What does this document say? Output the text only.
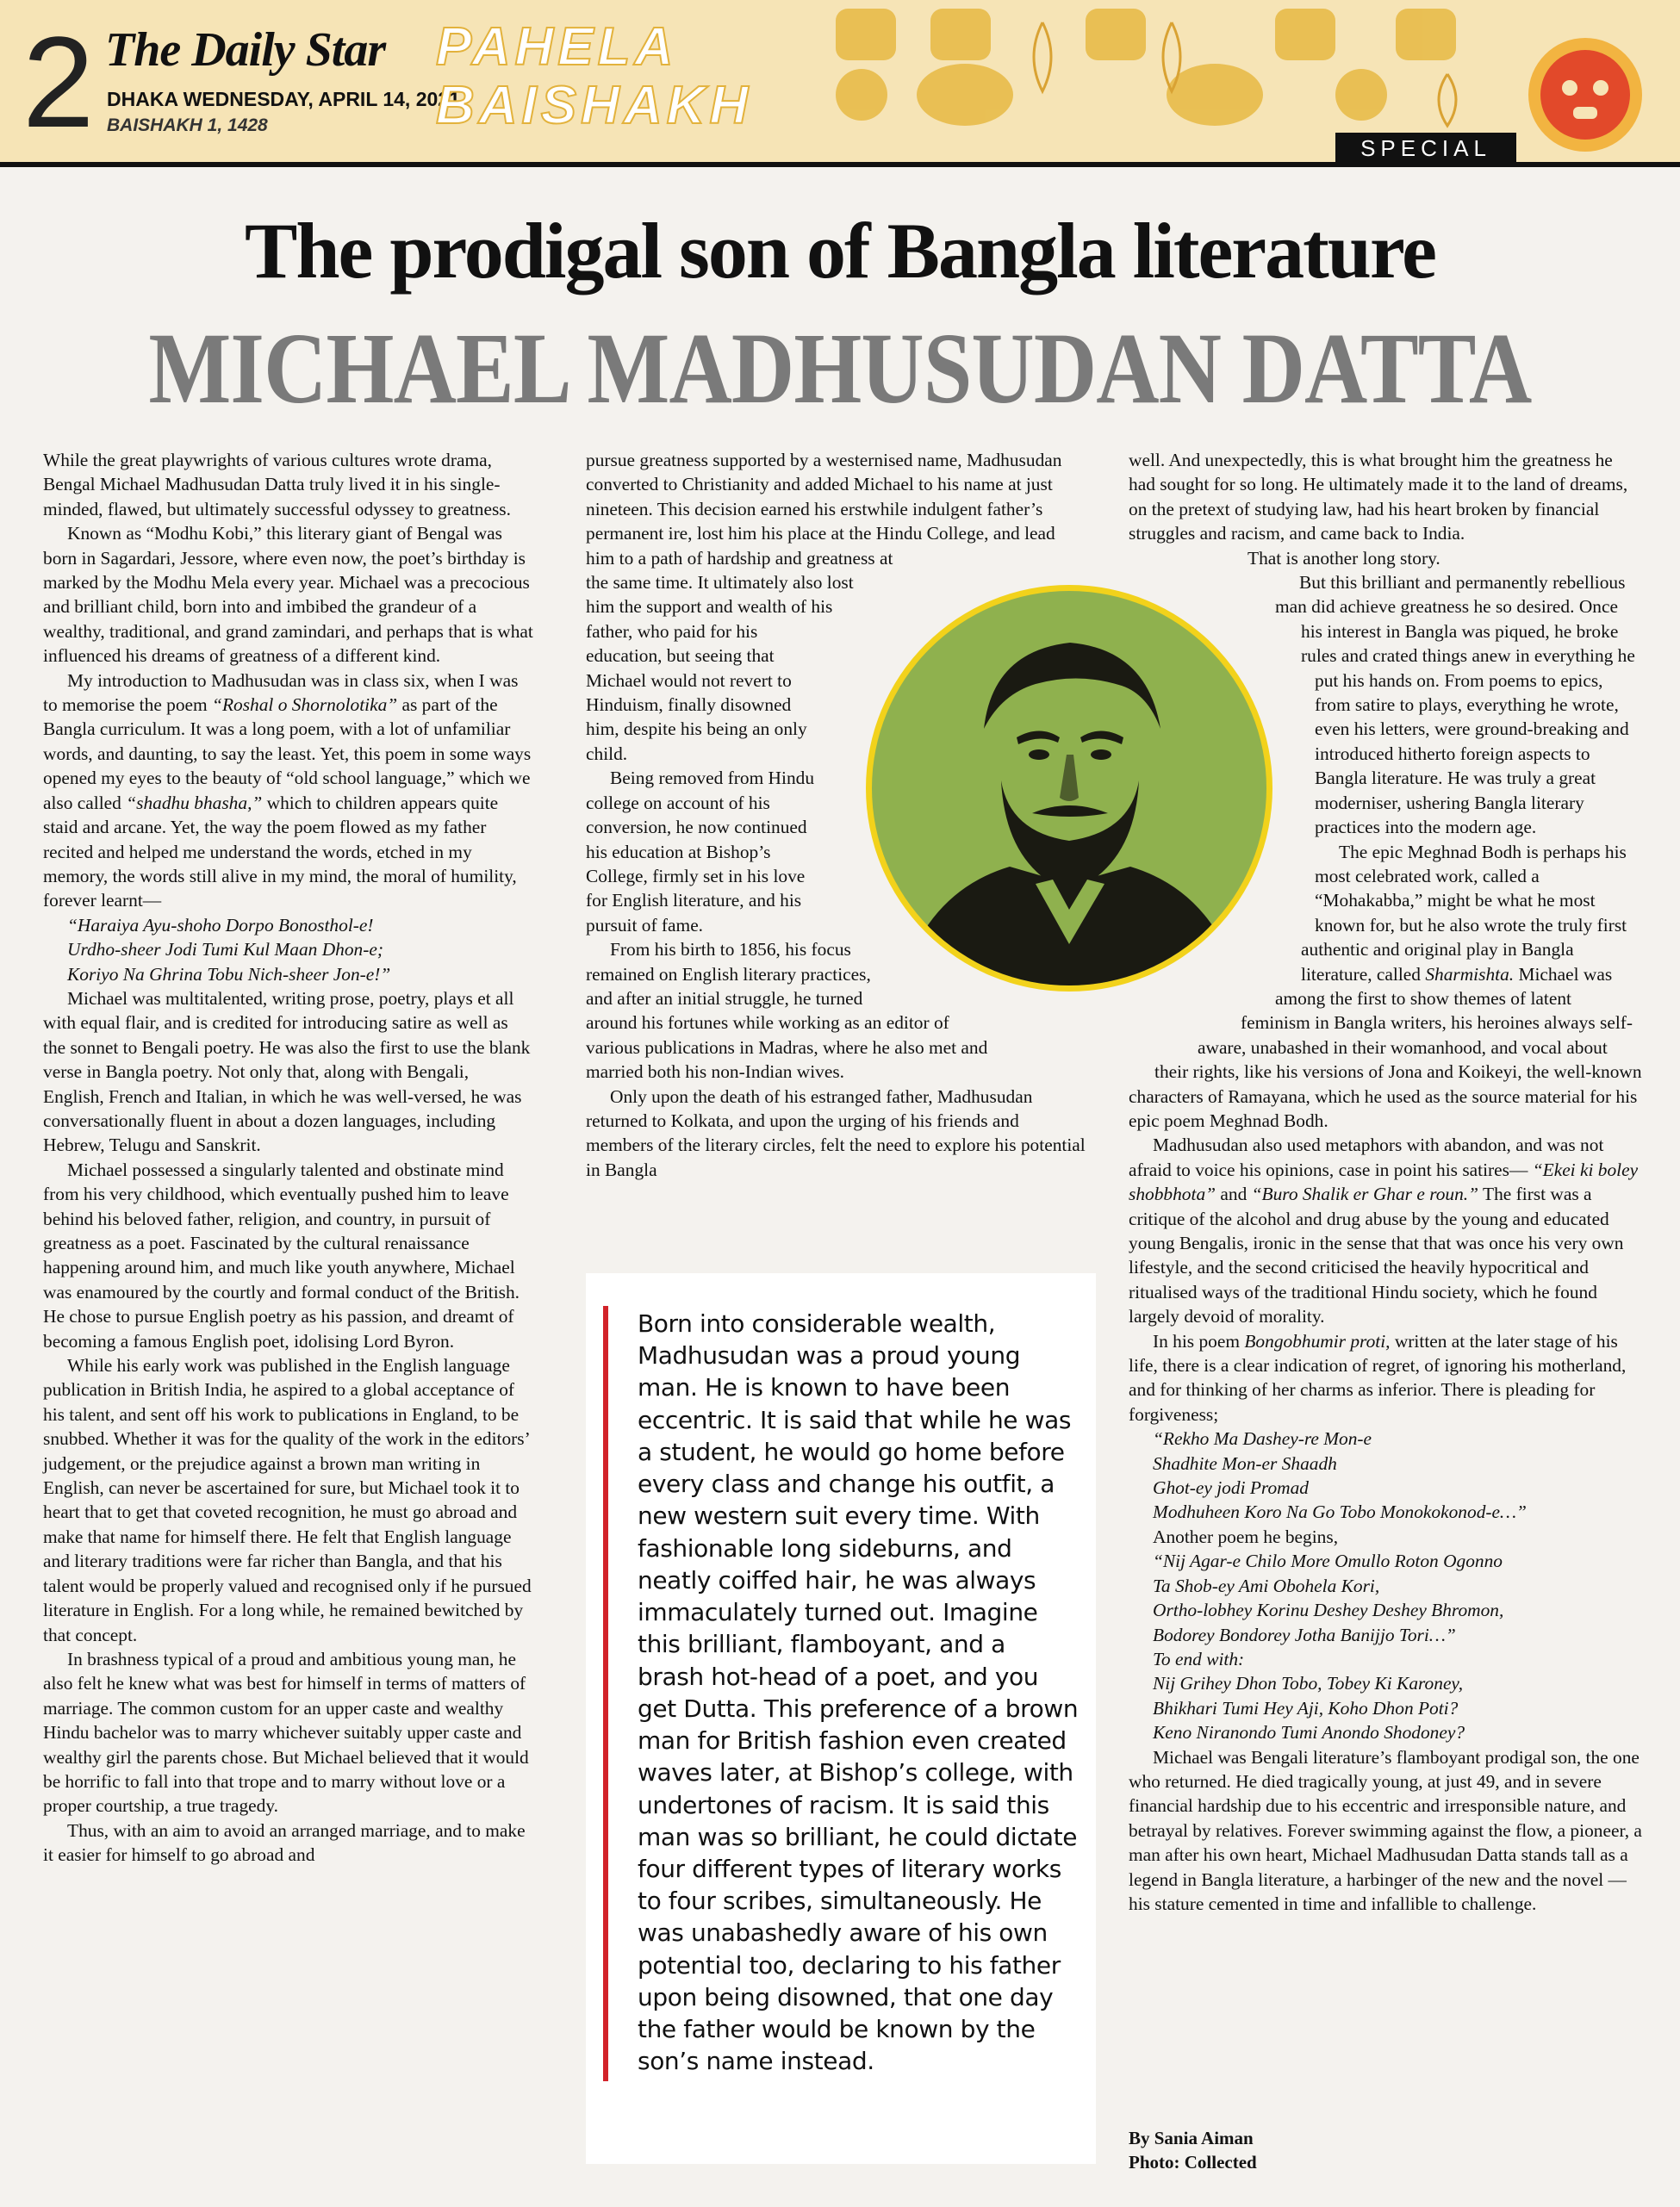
2 The Daily Star
DHAKA WEDNESDAY, APRIL 14, 2021
BAISHAKH 1, 1428
PAHELA
BAISHAKH
SPECIAL
The prodigal son of Bangla literature
MICHAEL MADHUSUDAN DATTA

While the great playwrights of various cultures wrote drama, Bengal Michael Madhusudan Datta truly lived it in his single-minded, flawed, but ultimately successful odyssey to greatness.

Known as “Modhu Kobi,” this literary giant of Bengal was born in Sagardari, Jessore, where even now, the poet’s birthday is marked by the Modhu Mela every year. Michael was a precocious and brilliant child, born into and imbibed the grandeur of a wealthy, traditional, and grand zamindari, and perhaps that is what influenced his dreams of greatness of a different kind.

My introduction to Madhusudan was in class six, when I was to memorise the poem “Roshal o Shornolotika” as part of the Bangla curriculum. It was a long poem, with a lot of unfamiliar words, and daunting, to say the least. Yet, this poem in some ways opened my eyes to the beauty of “old school language,” which we also called “shadhu bhasha,” which to children appears quite staid and arcane. Yet, the way the poem flowed as my father recited and helped me understand the words, etched in my memory, the words still alive in my mind, the moral of humility, forever learnt—

“Haraiya Ayu-shoho Dorpo Bonosthol-e!

Urdho-sheer Jodi Tumi Kul Maan Dhon-e;

Koriyo Na Ghrina Tobu Nich-sheer Jon-e!”

Michael was multitalented, writing prose, poetry, plays et all with equal flair, and is credited for introducing satire as well as the sonnet to Bengali poetry. He was also the first to use the blank verse in Bangla poetry. Not only that, along with Bengali, English, French and Italian, in which he was well-versed, he was conversationally fluent in about a dozen languages, including Hebrew, Telugu and Sanskrit.

Michael possessed a singularly talented and obstinate mind from his very childhood, which eventually pushed him to leave behind his beloved father, religion, and country, in pursuit of greatness as a poet. Fascinated by the cultural renaissance happening around him, and much like youth anywhere, Michael was enamoured by the courtly and formal conduct of the British. He chose to pursue English poetry as his passion, and dreamt of becoming a famous English poet, idolising Lord Byron.

While his early work was published in the English language publication in British India, he aspired to a global acceptance of his talent, and sent off his work to publications in England, to be snubbed. Whether it was for the quality of the work in the editors’ judgement, or the prejudice against a brown man writing in English, can never be ascertained for sure, but Michael took it to heart that to get that coveted recognition, he must go abroad and make that name for himself there. He felt that English language and literary traditions were far richer than Bangla, and that his talent would be properly valued and recognised only if he pursued literature in English. For a long while, he remained bewitched by that concept.

In brashness typical of a proud and ambitious young man, he also felt he knew what was best for himself in terms of matters of marriage. The common custom for an upper caste and wealthy Hindu bachelor was to marry whichever suitably upper caste and wealthy girl the parents chose. But Michael believed that it would be horrific to fall into that trope and to marry without love or a proper courtship, a true tragedy.

Thus, with an aim to avoid an arranged marriage, and to make it easier for himself to go abroad and

pursue greatness supported by a westernised name, Madhusudan converted to Christianity and added Michael to his name at just nineteen. This decision earned his erstwhile indulgent father’s permanent ire, lost him his place at the Hindu College, and lead him to a path of hardship and greatness at the same time. It ultimately also lost him the support and wealth of his father, who paid for his education, but seeing that Michael would not revert to Hinduism, finally disowned him, despite his being an only child.

Being removed from Hindu college on account of his conversion, he now continued his education at Bishop’s College, firmly set in his love for English literature, and his pursuit of fame.

From his birth to 1856, his focus remained on English literary practices, and after an initial struggle, he turned around his fortunes while working as an editor of various publications in Madras, where he also met and married both his non-Indian wives.

Only upon the death of his estranged father, Madhusudan returned to Kolkata, and upon the urging of his friends and members of the literary circles, felt the need to explore his potential in Bangla

well. And unexpectedly, this is what brought him the greatness he had sought for so long. He ultimately made it to the land of dreams, on the pretext of studying law, had his heart broken by financial struggles and racism, and came back to India.

That is another long story.

But this brilliant and permanently rebellious man did achieve greatness he so desired. Once his interest in Bangla was piqued, he broke rules and crated things anew in everything he put his hands on. From poems to epics, from satire to plays, everything he wrote, even his letters, were ground-breaking and introduced hitherto foreign aspects to Bangla literature. He was truly a great moderniser, ushering Bangla literary practices into the modern age.

The epic Meghnad Bodh is perhaps his most celebrated work, called a “Mohakabba,” might be what he most known for, but he also wrote the truly first authentic and original play in Bangla literature, called Sharmishta. Michael was among the first to show themes of latent feminism in Bangla writers, his heroines always self-aware, unabashed in their womanhood, and vocal about their rights, like his versions of Jona and Koikeyi, the well-known characters of Ramayana, which he used as the source material for his epic poem Meghnad Bodh.

Madhusudan also used metaphors with abandon, and was not afraid to voice his opinions, case in point his satires— “Ekei ki boley shobbhota” and “Buro Shalik er Ghar e roun.” The first was a critique of the alcohol and drug abuse by the young and educated young Bengalis, ironic in the sense that that was once his very own lifestyle, and the second criticised the heavily hypocritical and ritualised ways of the traditional Hindu society, which he found largely devoid of morality.

In his poem Bongobhumir proti, written at the later stage of his life, there is a clear indication of regret, of ignoring his motherland, and for thinking of her charms as inferior. There is pleading for forgiveness;

“Rekho Ma Dashey-re Mon-e

Shadhite Mon-er Shaadh

Ghot-ey jodi Promad

Modhuheen Koro Na Go Tobo Monokokonod-e…”

Another poem he begins,

“Nij Agar-e Chilo More Omullo Roton Ogonno

Ta Shob-ey Ami Obohela Kori,

Ortho-lobhey Korinu Deshey Deshey Bhromon,

Bodorey Bondorey Jotha Banijjo Tori…”

To end with:

Nij Grihey Dhon Tobo, Tobey Ki Karoney,

Bhikhari Tumi Hey Aji, Koho Dhon Poti?

Keno Niranondo Tumi Anondo Shodoney?

Michael was Bengali literature’s flamboyant prodigal son, the one who returned. He died tragically young, at just 49, and in severe financial hardship due to his eccentric and irresponsible nature, and betrayal by relatives. Forever swimming against the flow, a pioneer, a man after his own heart, Michael Madhusudan Datta stands tall as a legend in Bangla literature, a harbinger of the new and the novel — his stature cemented in time and infallible to challenge.

Born into considerable wealth, Madhusudan was a proud young man. He is known to have been eccentric. It is said that while he was a student, he would go home before every class and change his outfit, a new western suit every time. With fashionable long sideburns, and neatly coiffed hair, he was always immaculately turned out. Imagine this brilliant, flamboyant, and a brash hot-head of a poet, and you get Dutta. This preference of a brown man for British fashion even created waves later, at Bishop’s college, with undertones of racism. It is said this man was so brilliant, he could dictate four different types of literary works to four scribes, simultaneously. He was unabashedly aware of his own potential too, declaring to his father upon being disowned, that one day the father would be known by the son’s name instead.
By Sania Aiman
Photo: Collected
